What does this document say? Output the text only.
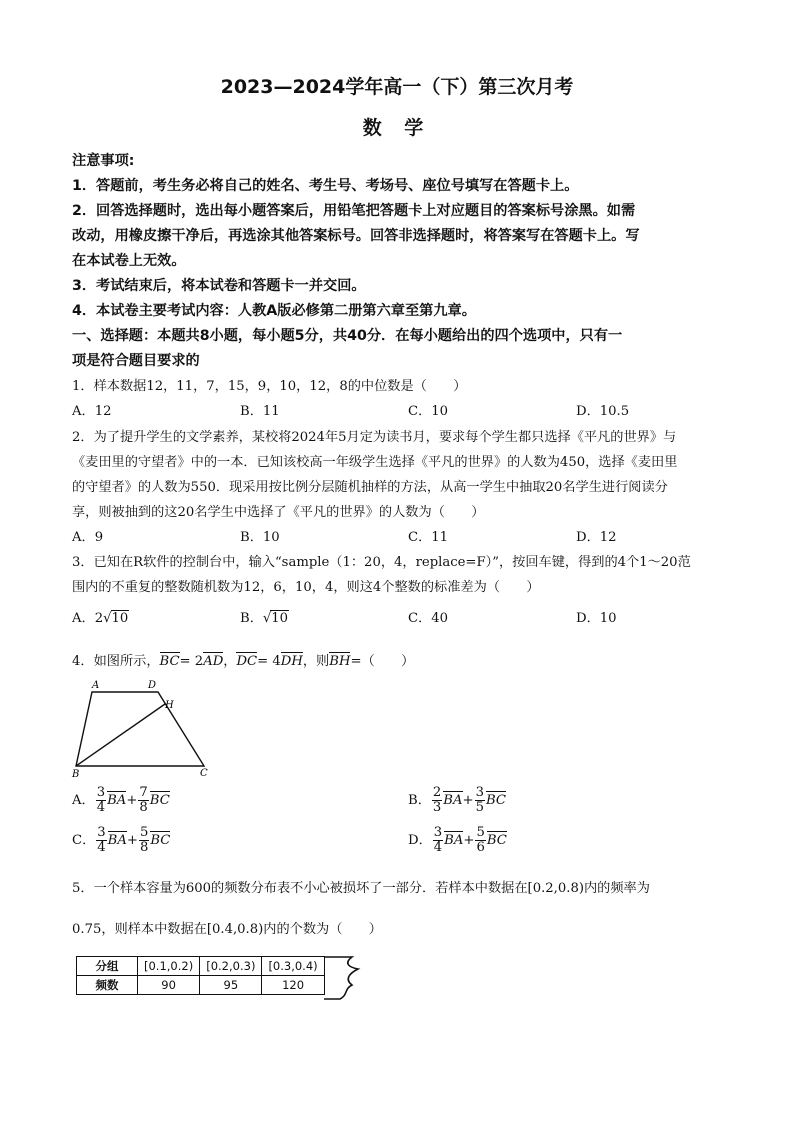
2023—2024学年高一（下）第三次月考
数 学
注意事项:
1．答题前，考生务必将自己的姓名、考生号、考场号、座位号填写在答题卡上。
2．回答选择题时，选出每小题答案后，用铅笔把答题卡上对应题目的答案标号涂黑。如需
改动，用橡皮擦干净后，再选涂其他答案标号。回答非选择题时，将答案写在答题卡上。写
在本试卷上无效。
3．考试结束后，将本试卷和答题卡一并交回。
4．本试卷主要考试内容：人教A版必修第二册第六章至第九章。
一、选择题：本题共8小题，每小题5分，共40分．在每小题给出的四个选项中，只有一
项是符合题目要求的
1．样本数据12，11，7，15，9，10，12，8的中位数是（　　）
A．12	B．11	C．10	D．10.5
2．为了提升学生的文学素养，某校将2024年5月定为读书月，要求每个学生都只选择《平凡的世界》与
《麦田里的守望者》中的一本．已知该校高一年级学生选择《平凡的世界》的人数为450，选择《麦田里
的守望者》的人数为550．现采用按比例分层随机抽样的方法，从高一学生中抽取20名学生进行阅读分
享，则被抽到的这20名学生中选择了《平凡的世界》的人数为（　　）
A．9	B．10	C．11	D．12
3．已知在R软件的控制台中，输入“sample（1：20，4，replace=F）”，按回车键，得到的4个1～20范
围内的不重复的整数随机数为12，6，10，4，则这4个整数的标准差为（　　）
A．2√10	B．√10	C．40	D．10
4．如图所示，BC= 2AD，DC= 4DH，则BH=（　　）
A	D
H
B	C
A． $\frac{3}{4} BA+ \frac{7}{8}$ BC	B． $\frac{2}{3} BA+ \frac{3}{5}$ BC
C． $\frac{3}{4} BA+ \frac{5}{8}$ BC	D． $\frac{3}{4} BA+ \frac{5}{6}$ BC
5．一个样本容量为600的频数分布表不小心被损坏了一部分．若样本中数据在[0.2,0.8)内的频率为
0.75，则样本中数据在[0.4,0.8)内的个数为（　　）
分组	[0.1,0.2)	[0.2,0.3)	[0.3,0.4)
频数	90	95	120
